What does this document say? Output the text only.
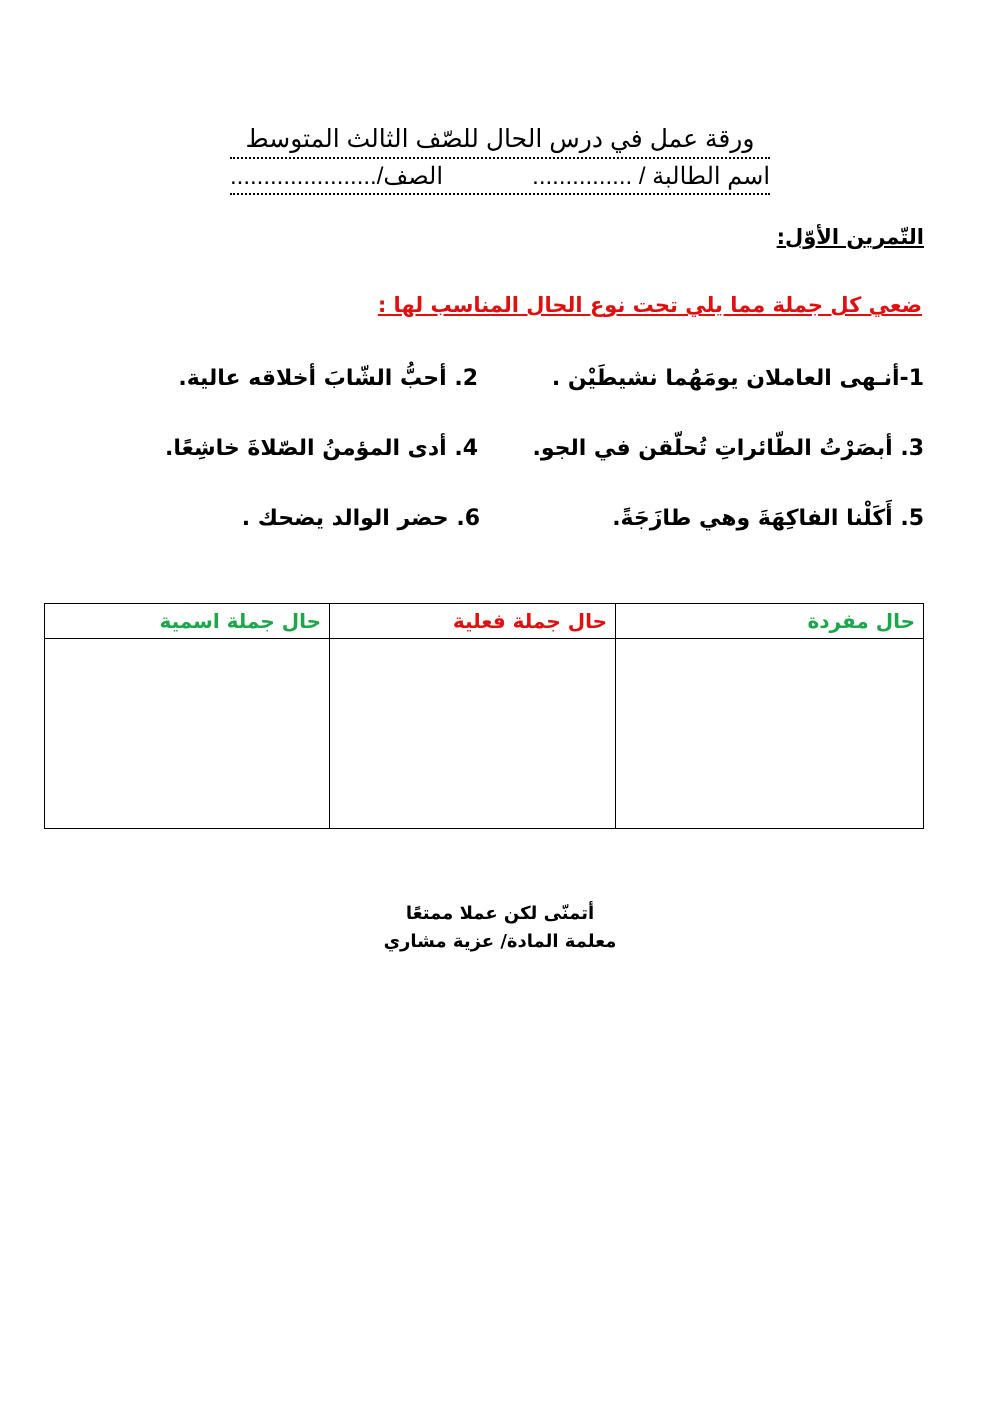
ورقة عمل في درس الحال للصّف الثالث المتوسط
اسم الطالبة / ...............
الصف/......................
التّمرين الأوّل:
ضعي كل جملة مما يلي تحت نوع الحال المناسب لها :
1-أنـهى العاملان يومَهُما نشيطَيْن .
2. أحبُّ الشّابَ أخلاقه عالية.
3. أبصَرْتُ الطّائراتِ تُحلّقن في الجو.
4. أدى المؤمنُ الصّلاةَ خاشِعًا.
5. أَكَلْنا الفاكِهَةَ وهي طازَجَةً.
6. حضر الوالد يضحك .
حال مفردة
حال جملة فعلية
حال جملة اسمية
أتمنّى لكن عملا ممتعًا
معلمة المادة/ عزية مشاري
